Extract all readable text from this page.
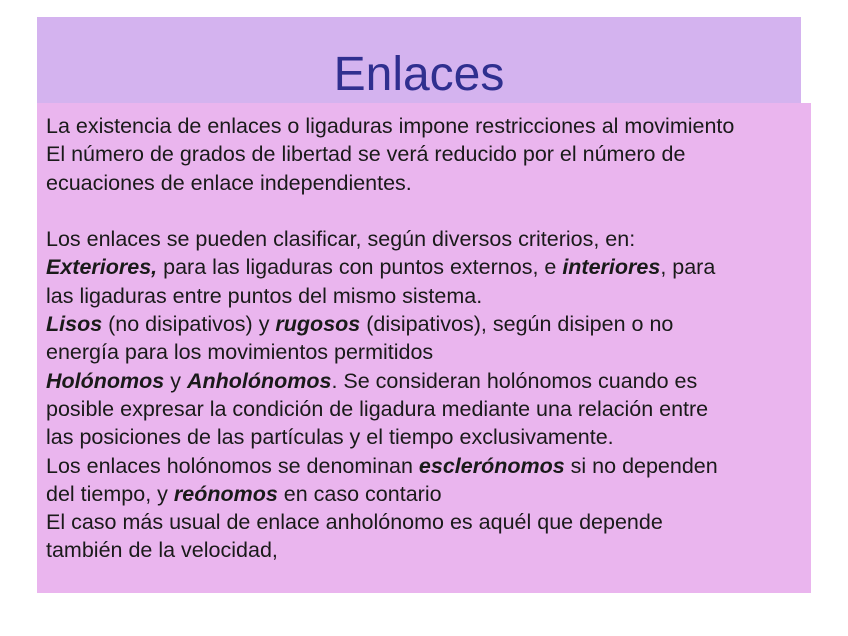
Enlaces
La existencia de enlaces o ligaduras impone restricciones al movimiento
El número de grados de libertad se verá reducido por el número de
ecuaciones de enlace independientes.
Los enlaces se pueden clasificar, según diversos criterios, en:
Exteriores, para las ligaduras con puntos externos, e interiores, para
las ligaduras entre puntos del mismo sistema.
Lisos (no disipativos) y rugosos (disipativos), según disipen o no
energía para los movimientos permitidos
Holónomos y Anholónomos. Se consideran holónomos cuando es
posible expresar la condición de ligadura mediante una relación entre
las posiciones de las partículas y el tiempo exclusivamente.
Los enlaces holónomos se denominan esclerónomos si no dependen
del tiempo, y reónomos en caso contario
El caso más usual de enlace anholónomo es aquél que depende
también de la velocidad,
